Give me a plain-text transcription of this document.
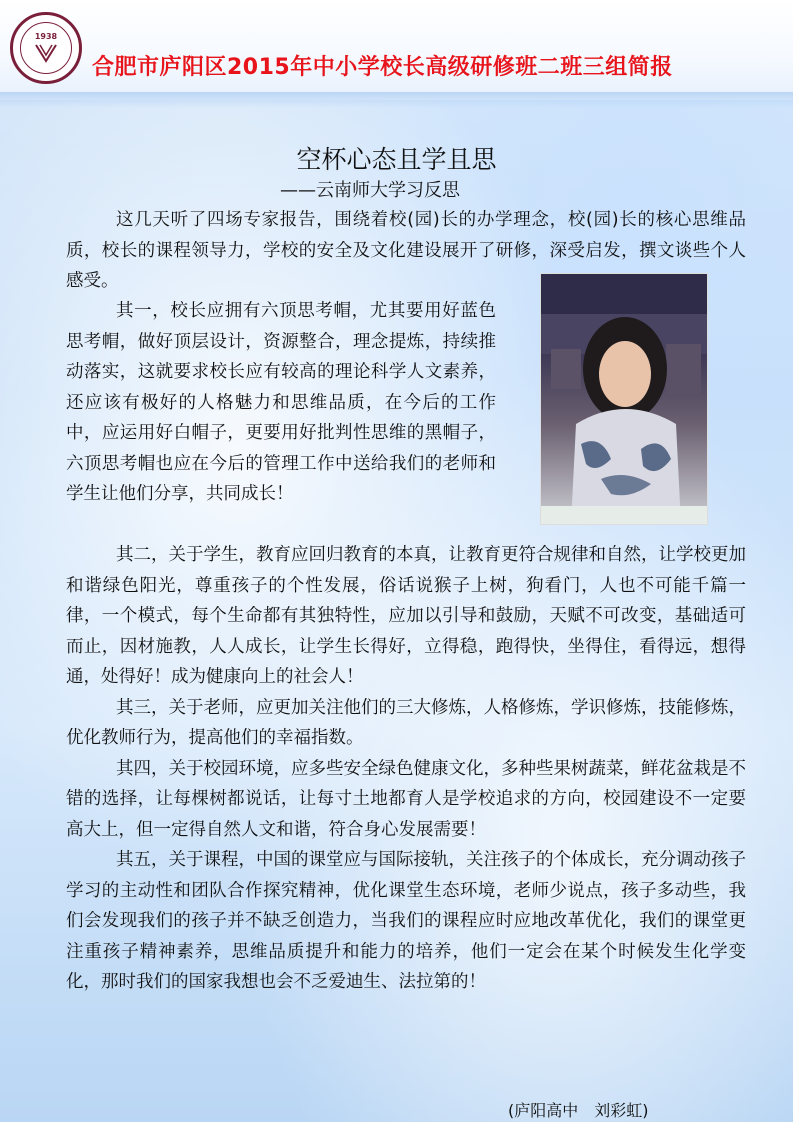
1938
合肥市庐阳区2015年中小学校长高级研修班二班三组简报
空杯心态且学且思
——云南师大学习反思

这几天听了四场专家报告，围绕着校(园)长的办学理念，校(园)长的核心思维品质，校长的课程领导力，学校的安全及文化建设展开了研修，深受启发，撰文谈些个人感受。

其一，校长应拥有六顶思考帽，尤其要用好蓝色思考帽，做好顶层设计，资源整合，理念提炼，持续推动落实，这就要求校长应有较高的理论科学人文素养，还应该有极好的人格魅力和思维品质，在今后的工作中，应运用好白帽子，更要用好批判性思维的黑帽子，六顶思考帽也应在今后的管理工作中送给我们的老师和学生让他们分享，共同成长！

其二，关于学生，教育应回归教育的本真，让教育更符合规律和自然，让学校更加和谐绿色阳光，尊重孩子的个性发展，俗话说猴子上树，狗看门，人也不可能千篇一律，一个模式，每个生命都有其独特性，应加以引导和鼓励，天赋不可改变，基础适可而止，因材施教，人人成长，让学生长得好，立得稳，跑得快，坐得住，看得远，想得通，处得好！成为健康向上的社会人！

其三，关于老师，应更加关注他们的三大修炼，人格修炼，学识修炼，技能修炼，优化教师行为，提高他们的幸福指数。

其四，关于校园环境，应多些安全绿色健康文化，多种些果树蔬菜，鲜花盆栽是不错的选择，让每棵树都说话，让每寸土地都育人是学校追求的方向，校园建设不一定要高大上，但一定得自然人文和谐，符合身心发展需要！

其五，关于课程，中国的课堂应与国际接轨，关注孩子的个体成长，充分调动孩子学习的主动性和团队合作探究精神，优化课堂生态环境，老师少说点，孩子多动些，我们会发现我们的孩子并不缺乏创造力，当我们的课程应时应地改革优化，我们的课堂更注重孩子精神素养，思维品质提升和能力的培养，他们一定会在某个时候发生化学变化，那时我们的国家我想也会不乏爱迪生、法拉第的！

(庐阳高中　刘彩虹)
